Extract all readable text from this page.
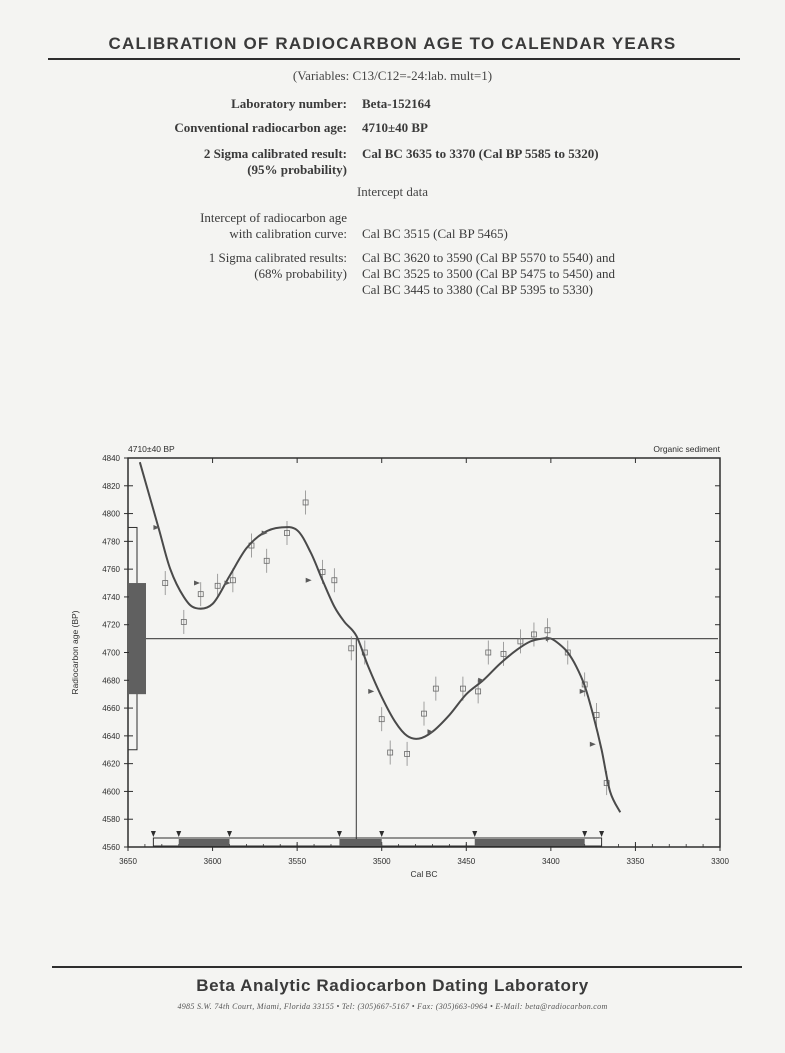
CALIBRATION OF RADIOCARBON AGE TO CALENDAR YEARS
(Variables: C13/C12=-24:lab. mult=1)
Laboratory number: Beta-152164
Conventional radiocarbon age: 4710±40 BP
2 Sigma calibrated result: Cal BC 3635 to 3370 (Cal BP 5585 to 5320)
(95% probability)
Intercept data
Intercept of radiocarbon age
with calibration curve: Cal BC 3515 (Cal BP 5465)
1 Sigma calibrated results: Cal BC 3620 to 3590 (Cal BP 5570 to 5540) and
(68% probability) Cal BC 3525 to 3500 (Cal BP 5475 to 5450) and
Cal BC 3445 to 3380 (Cal BP 5395 to 5330)
4560
4580
4600
4620
4640
4660
4680
4700
4720
4740
4760
4780
4800
4820
4840
3650	3600	3550	3500	3450	3400	3350	3300
Cal BC
Radiocarbon age (BP)
4710±40 BP	Organic sediment
Beta Analytic Radiocarbon Dating Laboratory
4985 S.W. 74th Court, Miami, Florida 33155 • Tel: (305)667-5167 • Fax: (305)663-0964 • E-Mail: beta@radiocarbon.com
